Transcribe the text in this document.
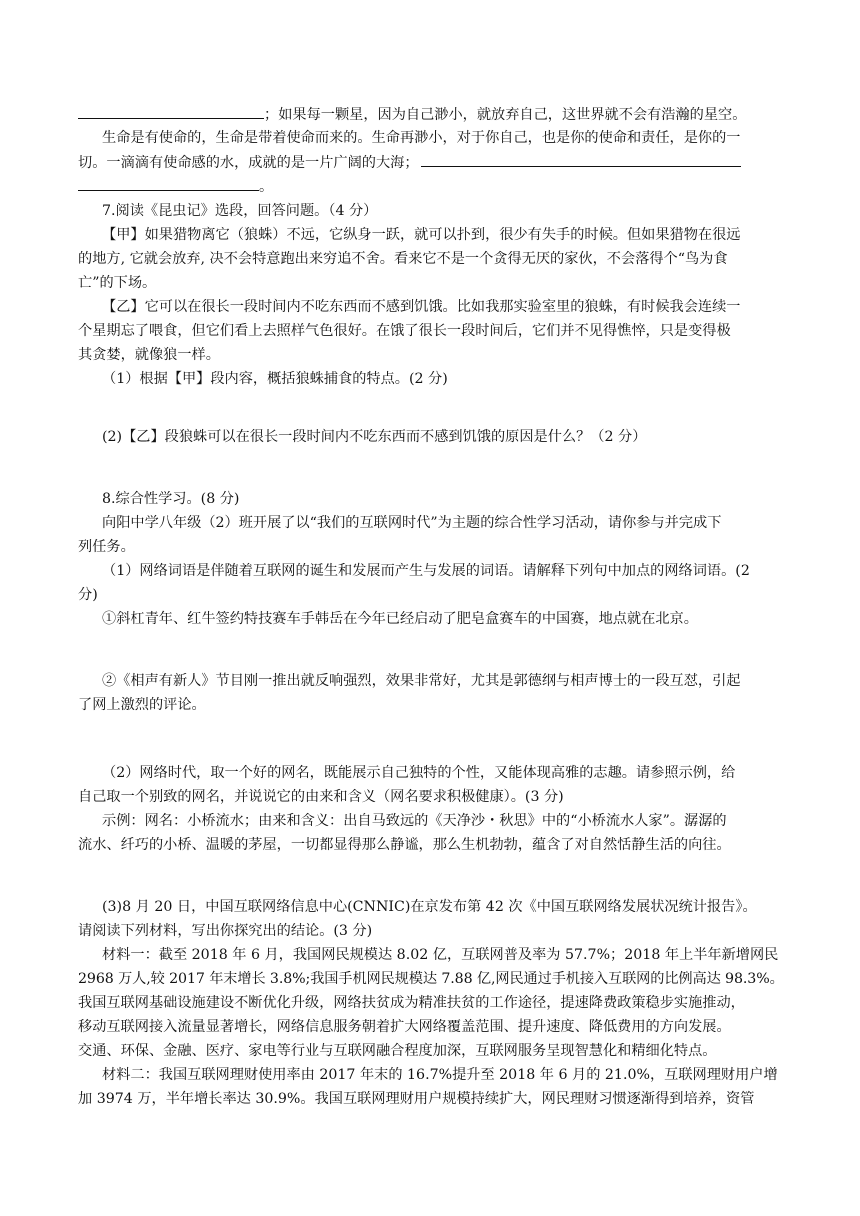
；如果每一颗星，因为自己渺小，就放弃自己，这世界就不会有浩瀚的星空。
生命是有使命的，生命是带着使命而来的。生命再渺小，对于你自己，也是你的使命和责任，是你的一
切。一滴滴有使命感的水，成就的是一片广阔的大海；
。
7.阅读《昆虫记》选段，回答问题。（4 分）
【甲】如果猎物离它（狼蛛）不远，它纵身一跃，就可以扑到，很少有失手的时候。但如果猎物在很远
的地方, 它就会放弃, 决不会特意跑出来穷追不舍。看来它不是一个贪得无厌的家伙，不会落得个“鸟为食
亡”的下场。
【乙】它可以在很长一段时间内不吃东西而不感到饥饿。比如我那实验室里的狼蛛，有时候我会连续一
个星期忘了喂食，但它们看上去照样气色很好。在饿了很长一段时间后，它们并不见得憔悴，只是变得极
其贪婪，就像狼一样。
（1）根据【甲】段内容，概括狼蛛捕食的特点。(2 分)
(2)【乙】段狼蛛可以在很长一段时间内不吃东西而不感到饥饿的原因是什么？（2 分）
8.综合性学习。(8 分)
向阳中学八年级（2）班开展了以“我们的互联网时代”为主题的综合性学习活动，请你参与并完成下
列任务。
（1）网络词语是伴随着互联网的诞生和发展而产生与发展的词语。请解释下列句中加点的网络词语。(2
分)
①斜杠青年、红牛签约特技赛车手韩岳在今年已经启动了肥皂盒赛车的中国赛，地点就在北京。
②《相声有新人》节目刚一推出就反响强烈，效果非常好，尤其是郭德纲与相声博士的一段互怼，引起
了网上激烈的评论。
（2）网络时代，取一个好的网名，既能展示自己独特的个性，又能体现高雅的志趣。请参照示例，给
自己取一个别致的网名，并说说它的由来和含义（网名要求积极健康）。(3 分)
示例：网名：小桥流水；由来和含义：出自马致远的《天净沙・秋思》中的“小桥流水人家”。潺潺的
流水、纤巧的小桥、温暖的茅屋，一切都显得那么静谧，那么生机勃勃，蕴含了对自然恬静生活的向往。
(3)8 月 20 日，中国互联网络信息中心(CNNIC)在京发布第 42 次《中国互联网络发展状况统计报告》。
请阅读下列材料，写出你探究出的结论。(3 分)
材料一：截至 2018 年 6 月，我国网民规模达 8.02 亿，互联网普及率为 57.7%；2018 年上半年新增网民
2968 万人,较 2017 年末增长 3.8%;我国手机网民规模达 7.88 亿,网民通过手机接入互联网的比例高达 98.3%。
我国互联网基础设施建设不断优化升级，网络扶贫成为精准扶贫的工作途径，提速降费政策稳步实施推动，
移动互联网接入流量显著增长，网络信息服务朝着扩大网络覆盖范围、提升速度、降低费用的方向发展。
交通、环保、金融、医疗、家电等行业与互联网融合程度加深，互联网服务呈现智慧化和精细化特点。
材料二：我国互联网理财使用率由 2017 年末的 16.7%提升至 2018 年 6 月的 21.0%，互联网理财用户增
加 3974 万，半年增长率达 30.9%。我国互联网理财用户规模持续扩大，网民理财习惯逐渐得到培养，资管
